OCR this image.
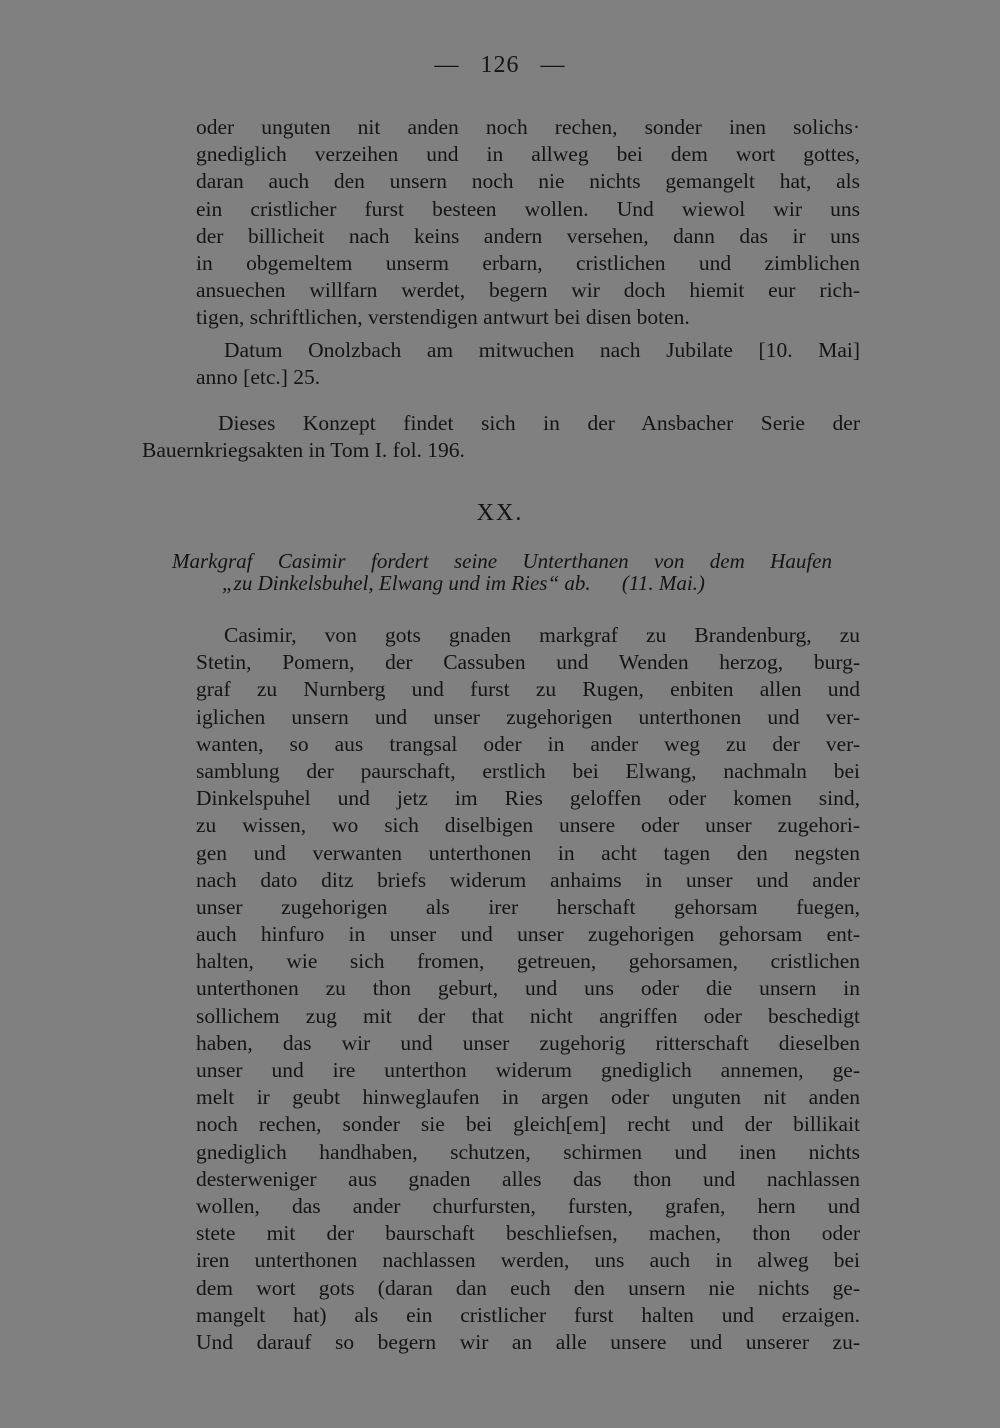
— 126 —
oder unguten nit anden noch rechen, sonder inen solichs·
gnediglich verzeihen und in allweg bei dem wort gottes,
daran auch den unsern noch nie nichts gemangelt hat, als
ein cristlicher furst besteen wollen. Und wiewol wir uns
der billicheit nach keins andern versehen, dann das ir uns
in obgemeltem unserm erbarn, cristlichen und zimblichen
ansuechen willfarn werdet, begern wir doch hiemit eur rich-
tigen, schriftlichen, verstendigen antwurt bei disen boten.
Datum Onolzbach am mitwuchen nach Jubilate [10. Mai]
anno [etc.] 25.
Dieses Konzept findet sich in der Ansbacher Serie der
Bauernkriegsakten in Tom I. fol. 196.
XX.
Markgraf Casimir fordert seine Unterthanen von dem Haufen
„zu Dinkelsbuhel, Elwang und im Ries“ ab. (11. Mai.)
Casimir, von gots gnaden markgraf zu Brandenburg, zu
Stetin, Pomern, der Cassuben und Wenden herzog, burg-
graf zu Nurnberg und furst zu Rugen, enbiten allen und
iglichen unsern und unser zugehorigen unterthonen und ver-
wanten, so aus trangsal oder in ander weg zu der ver-
samblung der paurschaft, erstlich bei Elwang, nachmaln bei
Dinkelspuhel und jetz im Ries geloffen oder komen sind,
zu wissen, wo sich diselbigen unsere oder unser zugehori-
gen und verwanten unterthonen in acht tagen den negsten
nach dato ditz briefs widerum anhaims in unser und ander
unser zugehorigen als irer herschaft gehorsam fuegen,
auch hinfuro in unser und unser zugehorigen gehorsam ent-
halten, wie sich fromen, getreuen, gehorsamen, cristlichen
unterthonen zu thon geburt, und uns oder die unsern in
sollichem zug mit der that nicht angriffen oder beschedigt
haben, das wir und unser zugehorig ritterschaft dieselben
unser und ire unterthon widerum gnediglich annemen, ge-
melt ir geubt hinweglaufen in argen oder unguten nit anden
noch rechen, sonder sie bei gleich[em] recht und der billikait
gnediglich handhaben, schutzen, schirmen und inen nichts
desterweniger aus gnaden alles das thon und nachlassen
wollen, das ander churfursten, fursten, grafen, hern und
stete mit der baurschaft beschliefsen, machen, thon oder
iren unterthonen nachlassen werden, uns auch in alweg bei
dem wort gots (daran dan euch den unsern nie nichts ge-
mangelt hat) als ein cristlicher furst halten und erzaigen.
Und darauf so begern wir an alle unsere und unserer zu-
